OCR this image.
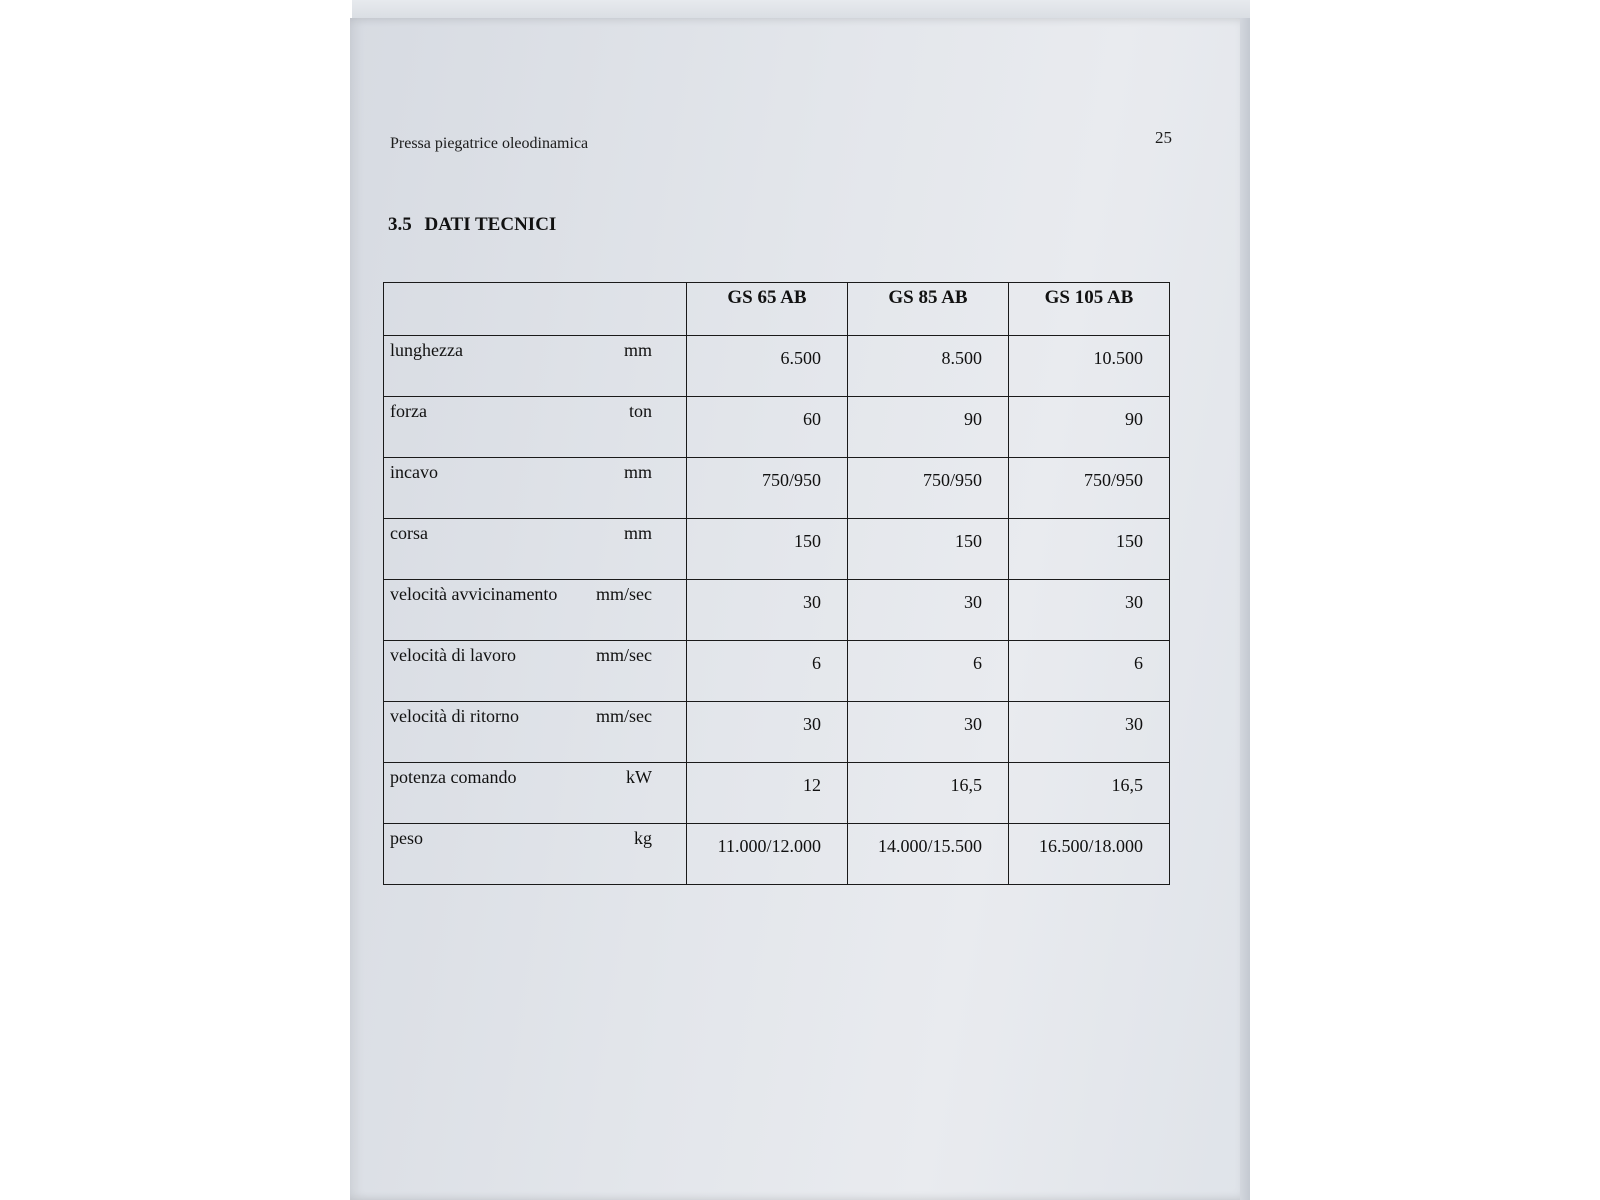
Pressa piegatrice oleodinamica	25
3.5 DATI TECNICI
	GS 65 AB	GS 85 AB	GS 105 AB

lunghezza mm	6.500	8.500	10.500

forza ton	60	90	90

incavo mm	750/950	750/950	750/950

corsa mm	150	150	150

velocità avvicinamento mm/sec	30	30	30

velocità di lavoro mm/sec	6	6	6

velocità di ritorno mm/sec	30	30	30

potenza comando kW	12	16,5	16,5

peso kg	11.000/12.000	14.000/15.500	16.500/18.000
